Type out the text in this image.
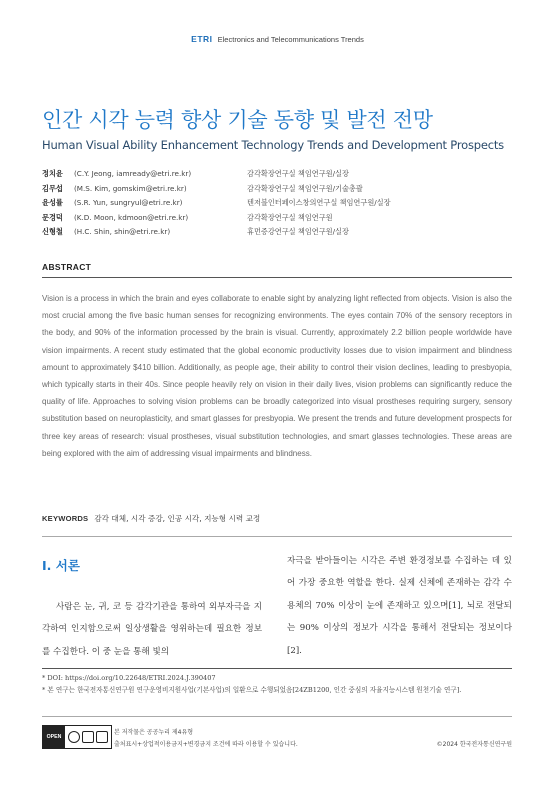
ETRI Electronics and Telecommunications Trends
인간 시각 능력 향상 기술 동향 및 발전 전망
Human Visual Ability Enhancement Technology Trends and Development Prospects
정치윤 (C.Y. Jeong, iamready@etri.re.kr)	감각확장연구실 책임연구원/실장
김무섭 (M.S. Kim, gomskim@etri.re.kr)	감각확장연구실 책임연구원/기술총괄
윤성률 (S.R. Yun, sungryul@etri.re.kr)	텐저블인터페이스창의연구실 책임연구원/실장
문경덕 (K.D. Moon, kdmoon@etri.re.kr)	감각확장연구실 책임연구원
신형철 (H.C. Shin, shin@etri.re.kr)	휴먼증강연구실 책임연구원/실장
ABSTRACT
Vision is a process in which the brain and eyes collaborate to enable sight by analyzing light reflected from objects. Vision is also the most crucial among the five basic human senses for recognizing environments. The eyes contain 70% of the sensory receptors in the body, and 90% of the information processed by the brain is visual. Currently, approximately 2.2 billion people worldwide have vision impairments. A recent study estimated that the global economic productivity losses due to vision impairment and blindness amount to approximately $410 billion. Additionally, as people age, their ability to control their vision declines, leading to presbyopia, which typically starts in their 40s. Since people heavily rely on vision in their daily lives, vision problems can significantly reduce the quality of life. Approaches to solving vision problems can be broadly categorized into visual prostheses requiring surgery, sensory substitution based on neuroplasticity, and smart glasses for presbyopia. We present the trends and future development prospects for three key areas of research: visual prostheses, visual substitution technologies, and smart glasses technologies. These areas are being explored with the aim of addressing visual impairments and blindness.
KEYWORDS 감각 대체, 시각 증강, 인공 시각, 지능형 시력 교정
Ⅰ. 서론
사람은 눈, 귀, 코 등 감각기관을 통하여 외부자극을 지각하여 인지함으로써 일상생활을 영위하는데 필요한 정보를 수집한다. 이 중 눈을 통해 빛의
자극을 받아들이는 시각은 주변 환경정보를 수집하는 데 있어 가장 중요한 역할을 한다. 실제 신체에 존재하는 감각 수용체의 70% 이상이 눈에 존재하고 있으며[1], 뇌로 전달되는 90% 이상의 정보가 시각을 통해서 전달되는 정보이다[2].
* DOI: https://doi.org/10.22648/ETRI.2024.J.390407
* 본 연구는 한국전자통신연구원 연구운영비지원사업(기본사업)의 일환으로 수행되었음[24ZB1200, 인간 중심의 자율지능시스템 원천기술 연구].
OPEN
본 저작물은 공공누리 제4유형
출처표시+상업적이용금지+변경금지 조건에 따라 이용할 수 있습니다.	©2024 한국전자통신연구원
